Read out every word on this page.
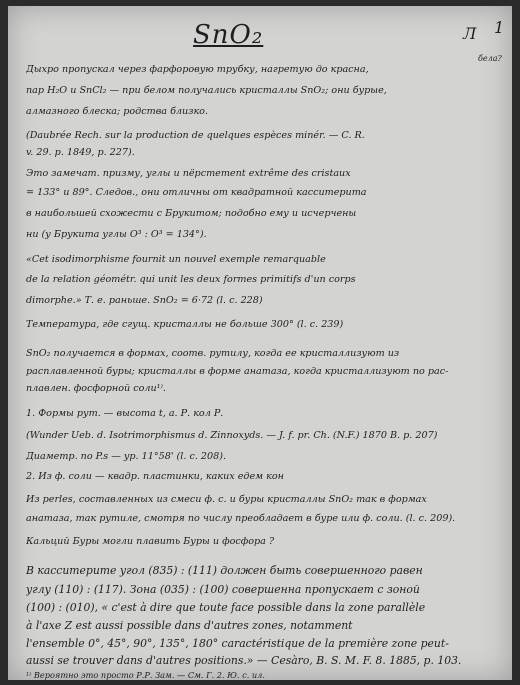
SnO₂	Л 1
бела?
Дыхро пропускал через фарфоровую трубку, нагретую до красна,
пар H₂O и SnCl₂ — при белом получались кристаллы SnO₂; они бурые,
алмазного блеска; родства близко.
(Daubrée Rech. sur la production de quelques espèces minér. — C. R.
v. 29. p. 1849, p. 227).
Это замечат. призму, углы и пёрстement extrême des cristaux
= 133° и 89°. Следов., они отличны от квадратной касситерита
в наибольшей схожести с Брукитом; подобно ему и исчерчены
ни (у Брукита углы O³ : O³ = 134°).
«Cet isodimorphisme fournit un nouvel exemple remarquable
de la relation géométr. qui unit les deux formes primitifs d'un corps
dimorphe.» Т. е. раньше. SnO₂ = 6·72 (l. c. 228)
Температура, где сгущ. кристаллы не больше 300° (l. c. 239)
SnO₂ получается в формах, соотв. рутилу, когда ее кристаллизуют из
расплавленной буры; кристаллы в форме анатаза, когда кристаллизуют по рас-
плавлен. фосфорной соли¹⁾.
1. Формы рут. — высота t, а. Р. кол Р.
(Wunder Ueb. d. Isotrimorphismus d. Zinnoxyds. — J. f. pr. Ch. (N.F.) 1870 B. p. 207)
Диаметр. по P.s — ур. 11°58' (l. c. 208).
2. Из ф. соли — квадр. пластинки, каких едем кон
Из perles, составленных из смеси ф. с. и буры кристаллы SnO₂ так в формах
анатаза, так рутиле, смотря по числу преобладает в буре или ф. соли. (l. c. 209).
Кальций Буры могли плавить Буры и фосфора ?
В касситерите угол (835) : (111) должен быть совершенного равен
углу (110) : (117). Зона (035) : (100) совершенна пропускает с зоной
(100) : (010), « c'est à dire que toute face possible dans la zone parallèle
à l'axe Z est aussi possible dans d'autres zones, notamment
l'ensemble 0°, 45°, 90°, 135°, 180° caractéristique de la première zone peut-
aussi se trouver dans d'autres positions.» — Cesàro, B. S. M. F. 8. 1885, p. 103.
¹⁾ Вероятно это просто Р.Р. Зам. — См. Г. 2. Ю. с. ил.
